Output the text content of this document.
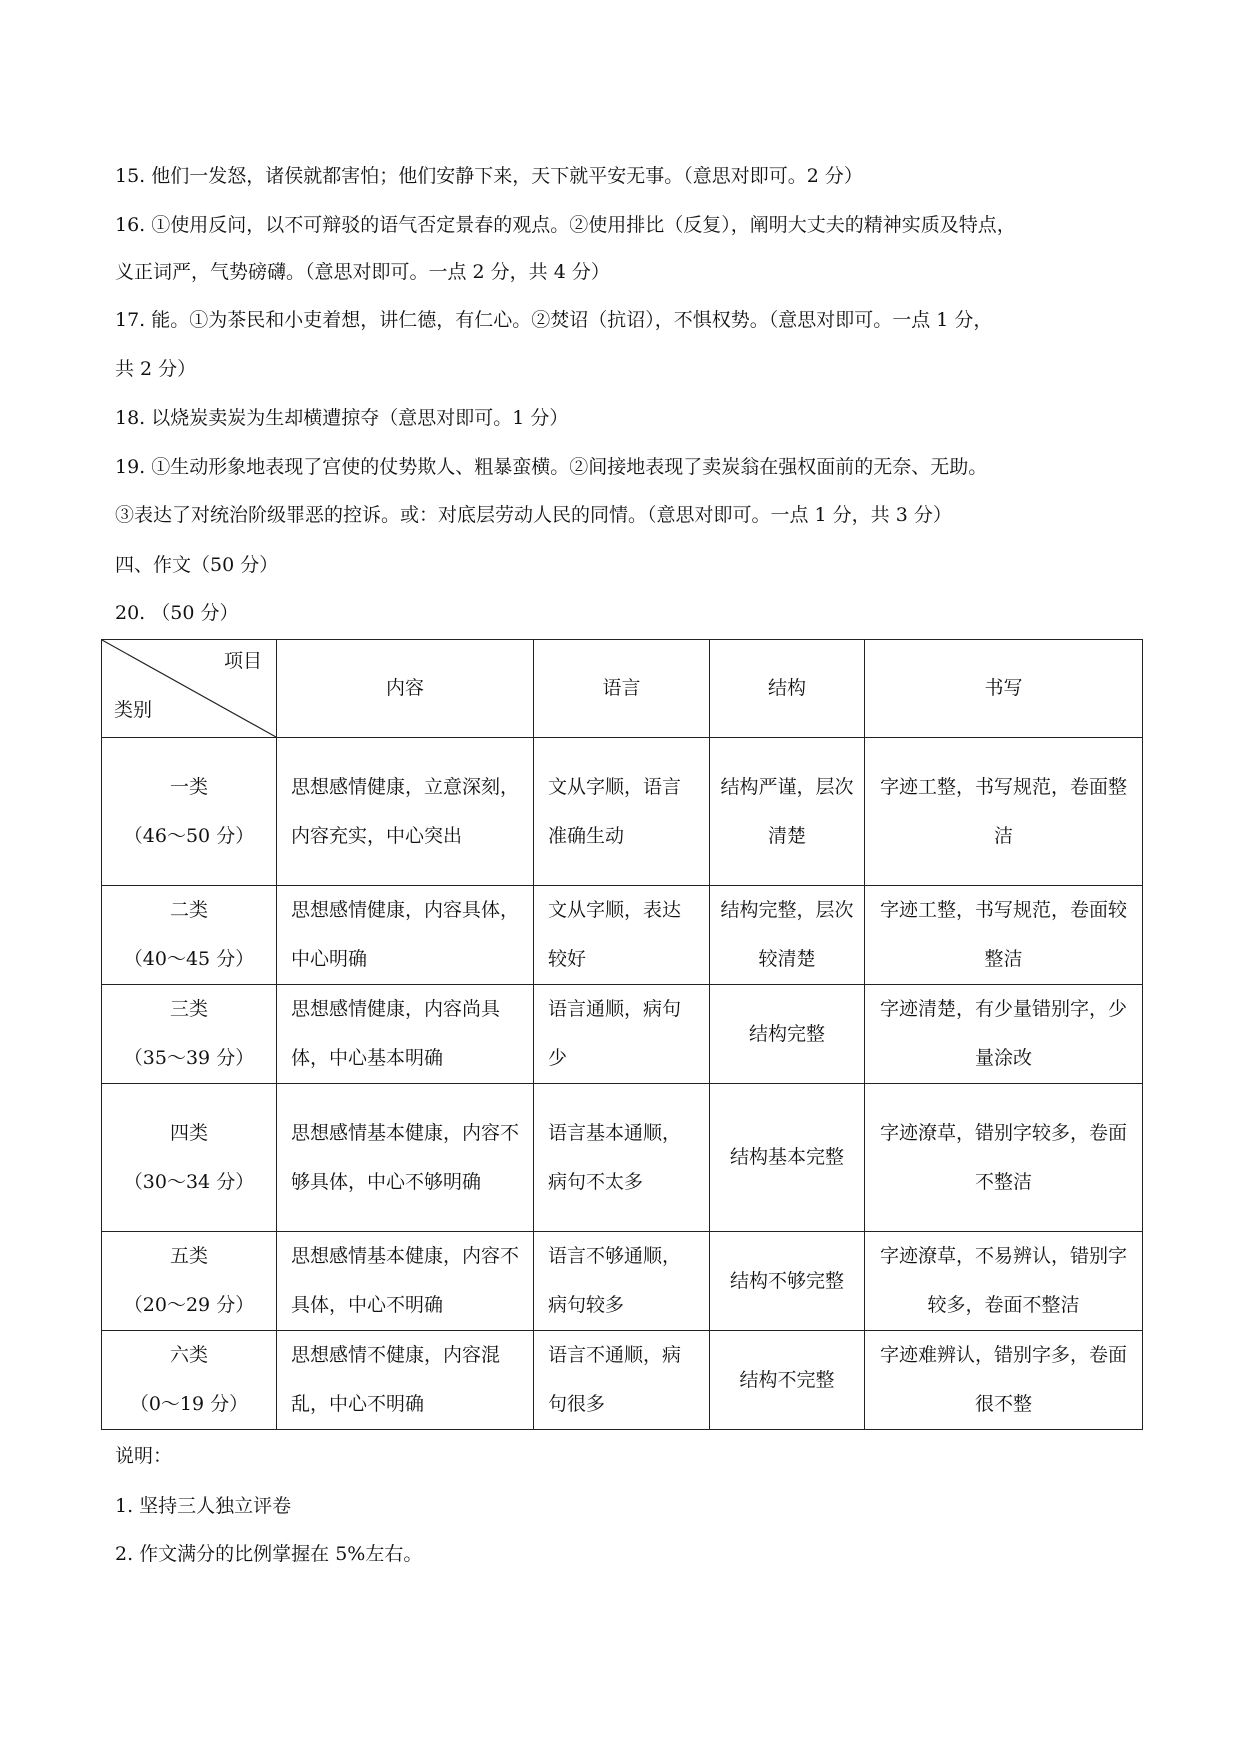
15. 他们一发怒，诸侯就都害怕；他们安静下来，天下就平安无事。（意思对即可。2 分）
16. ①使用反问，以不可辩驳的语气否定景春的观点。②使用排比（反复），阐明大丈夫的精神实质及特点，
义正词严，气势磅礴。（意思对即可。一点 2 分，共 4 分）
17. 能。①为茶民和小吏着想，讲仁德，有仁心。②焚诏（抗诏），不惧权势。（意思对即可。一点 1 分，
共 2 分）
18. 以烧炭卖炭为生却横遭掠夺（意思对即可。1 分）
19. ①生动形象地表现了宫使的仗势欺人、粗暴蛮横。②间接地表现了卖炭翁在强权面前的无奈、无助。
③表达了对统治阶级罪恶的控诉。或：对底层劳动人民的同情。（意思对即可。一点 1 分，共 3 分）
四、作文（50 分）
20. （50 分）
项目
类别	内容	语言	结构	书写

一类
（46～50 分）	思想感情健康，立意深刻，内容充实，中心突出	文从字顺，语言准确生动	结构严谨，层次清楚	字迹工整，书写规范，卷面整洁

二类
（40～45 分）	思想感情健康，内容具体，中心明确	文从字顺，表达较好	结构完整，层次较清楚	字迹工整，书写规范，卷面较整洁

三类
（35～39 分）	思想感情健康，内容尚具体，中心基本明确	语言通顺，病句少	结构完整	字迹清楚，有少量错别字，少量涂改

四类
（30～34 分）	思想感情基本健康，内容不够具体，中心不够明确	语言基本通顺，病句不太多	结构基本完整	字迹潦草，错别字较多，卷面不整洁

五类
（20～29 分）	思想感情基本健康，内容不具体，中心不明确	语言不够通顺，病句较多	结构不够完整	字迹潦草，不易辨认，错别字较多，卷面不整洁

六类
（0～19 分）	思想感情不健康，内容混乱，中心不明确	语言不通顺，病句很多	结构不完整	字迹难辨认，错别字多，卷面很不整
说明：
1. 坚持三人独立评卷
2. 作文满分的比例掌握在 5%左右。
